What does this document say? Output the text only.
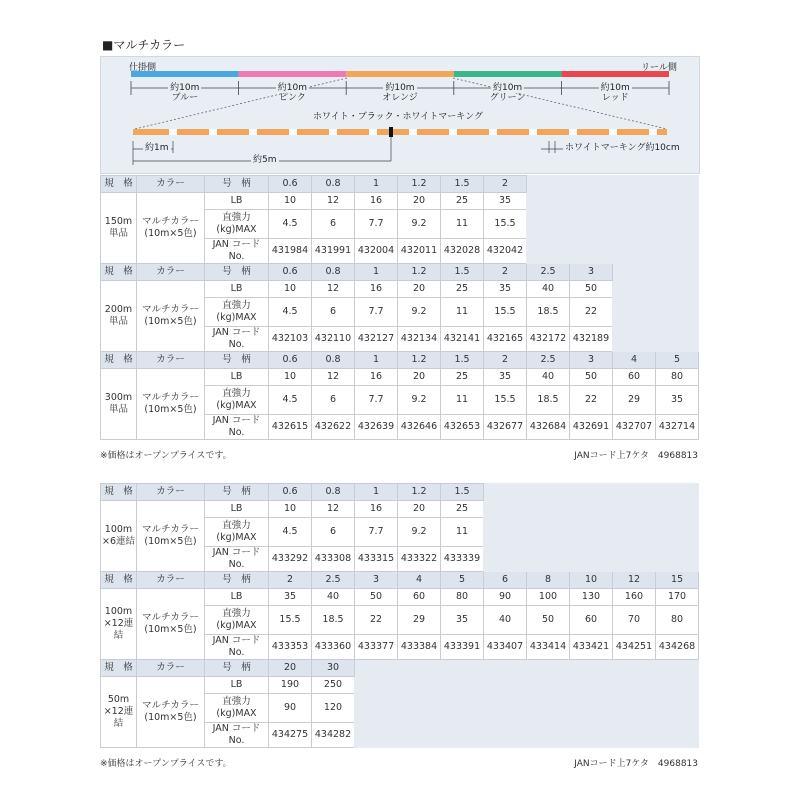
■マルチカラー
仕掛側	リール側
約10m
ブルー
約10m
ピンク
約10m
オレンジ
約10m
グリーン
約10m
レッド
ホワイト・ブラック・ホワイトマーキング
約1m
約5m
ホワイトマーキング約10cm
規　格	カラー	号　柄	0.6	0.8	1	1.2	1.5	2				
150m
単品	マルチカラー
(10m×5色)	LB	10	12	16	20	25	35				
		直強力
(kg)MAX	4.5	6	7.7	9.2	11	15.5				
		JAN コード
No.	431984	431991	432004	432011	432028	432042				
規　格	カラー	号　柄	0.6	0.8	1	1.2	1.5	2	2.5	3		
200m
単品	マルチカラー
(10m×5色)	LB	10	12	16	20	25	35	40	50		
		直強力
(kg)MAX	4.5	6	7.7	9.2	11	15.5	18.5	22		
		JAN コード
No.	432103	432110	432127	432134	432141	432165	432172	432189		
規　格	カラー	号　柄	0.6	0.8	1	1.2	1.5	2	2.5	3	4	5
300m
単品	マルチカラー
(10m×5色)	LB	10	12	16	20	25	35	40	50	60	80
		直強力
(kg)MAX	4.5	6	7.7	9.2	11	15.5	18.5	22	29	35
		JAN コード
No.	432615	432622	432639	432646	432653	432677	432684	432691	432707	432714
※価格はオープンプライスです。	JANコード上7ケタ　4968813
規　格	カラー	号　柄	0.6	0.8	1	1.2	1.5					
100m
×6連結	マルチカラー
(10m×5色)	LB	10	12	16	20	25					
		直強力
(kg)MAX	4.5	6	7.7	9.2	11					
		JAN コード
No.	433292	433308	433315	433322	433339					
規　格	カラー	号　柄	2	2.5	3	4	5	6	8	10	12	15
100m
×12連結	マルチカラー
(10m×5色)	LB	35	40	50	60	80	90	100	130	160	170
		直強力
(kg)MAX	15.5	18.5	22	29	35	40	50	60	70	80
		JAN コード
No.	433353	433360	433377	433384	433391	433407	433414	433421	434251	434268
規　格	カラー	号　柄	20	30								
50m
×12連結	マルチカラー
(10m×5色)	LB	190	250								
		直強力
(kg)MAX	90	120								
		JAN コード
No.	434275	434282								
※価格はオープンプライスです。	JANコード上7ケタ　4968813
